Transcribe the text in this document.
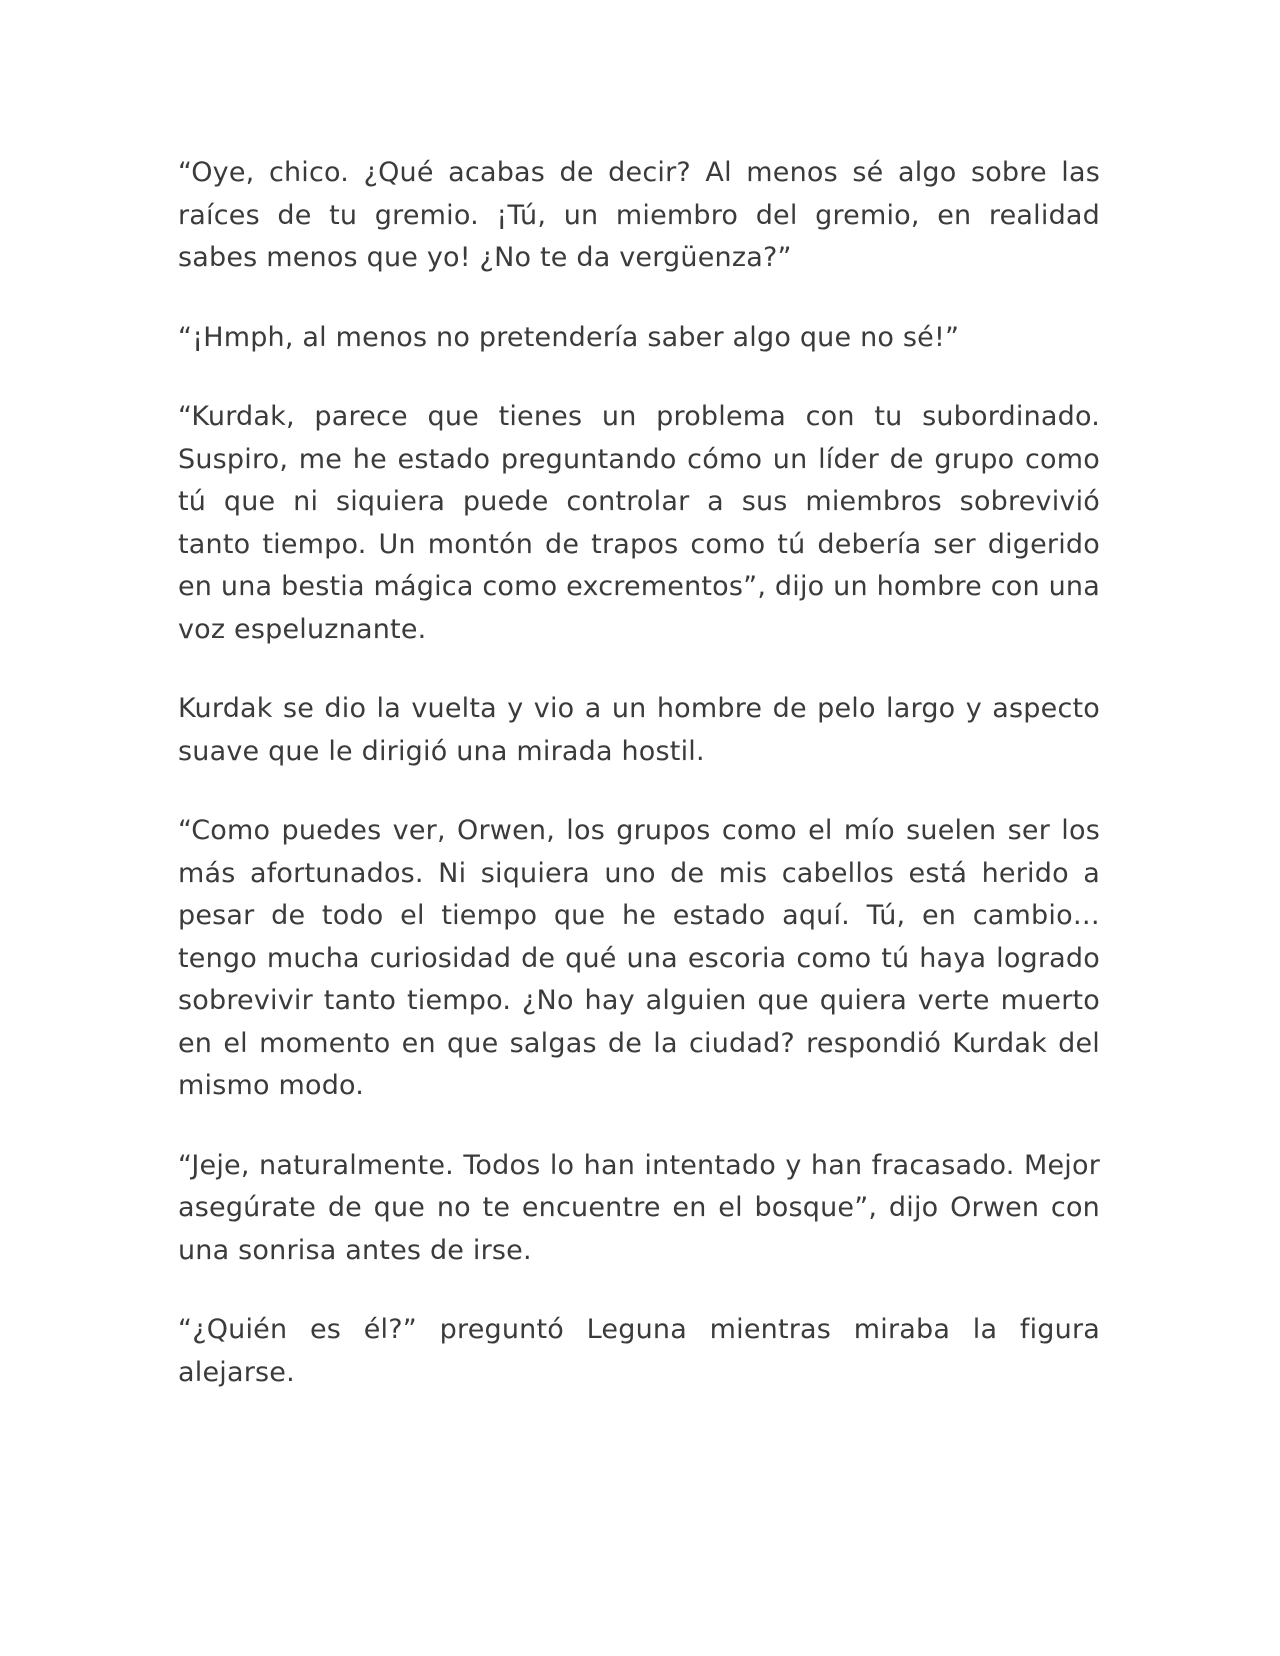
“Oye, chico. ¿Qué acabas de decir? Al menos sé algo sobre las raíces de tu gremio. ¡Tú, un miembro del gremio, en realidad sabes menos que yo! ¿No te da vergüenza?”

“¡Hmph, al menos no pretendería saber algo que no sé!”

“Kurdak, parece que tienes un problema con tu subordinado. Suspiro, me he estado preguntando cómo un líder de grupo como tú que ni siquiera puede controlar a sus miembros sobrevivió tanto tiempo. Un montón de trapos como tú debería ser digerido en una bestia mágica como excrementos”, dijo un hombre con una voz espeluznante.

Kurdak se dio la vuelta y vio a un hombre de pelo largo y aspecto suave que le dirigió una mirada hostil.

“Como puedes ver, Orwen, los grupos como el mío suelen ser los más afortunados. Ni siquiera uno de mis cabellos está herido a pesar de todo el tiempo que he estado aquí. Tú, en cambio… tengo mucha curiosidad de qué una escoria como tú haya logrado sobrevivir tanto tiempo. ¿No hay alguien que quiera verte muerto en el momento en que salgas de la ciudad? respondió Kurdak del mismo modo.

“Jeje, naturalmente. Todos lo han intentado y han fracasado. Mejor asegúrate de que no te encuentre en el bosque”, dijo Orwen con una sonrisa antes de irse.

“¿Quién es él?” preguntó Leguna mientras miraba la figura alejarse.
